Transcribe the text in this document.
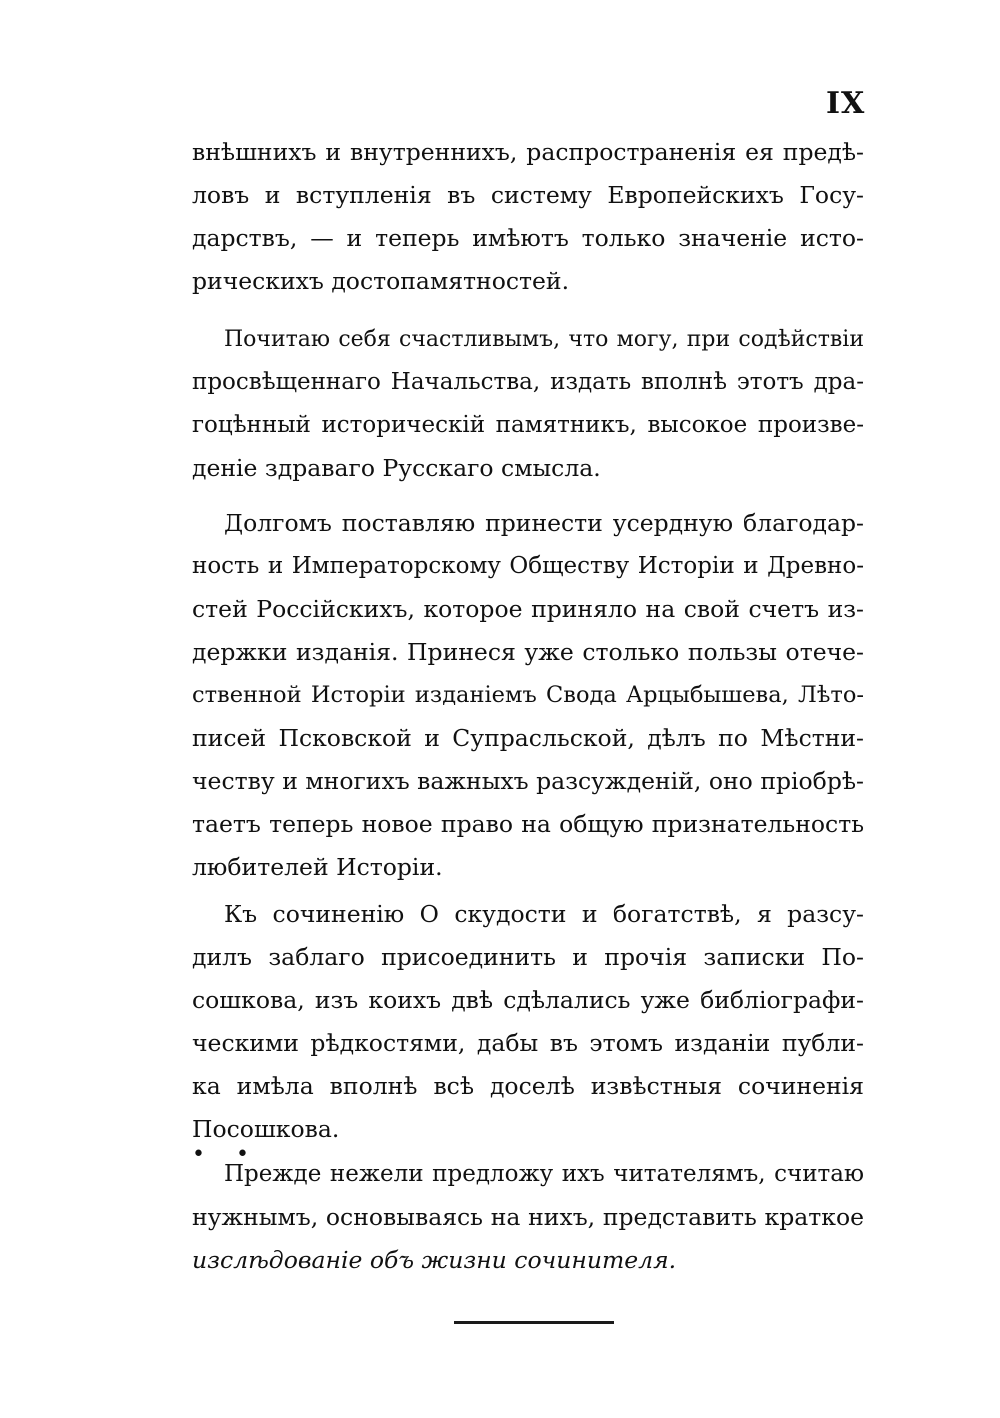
IX
внѣшнихъ и внутреннихъ, распространенія ея предѣ-
ловъ и вступленія въ систему Европейскихъ Госу-
дарствъ, — и теперь имѣютъ только значеніе исто-
рическихъ достопамятностей.
Почитаю себя счастливымъ, что могу, при содѣйствіи
просвѣщеннаго Начальства, издать вполнѣ этотъ дра-
гоцѣнный историческій памятникъ, высокое произве-
деніе здраваго Русскаго смысла.
Долгомъ поставляю принести усердную благодар-
ность и Императорскому Обществу Исторіи и Древно-
стей Россійскихъ, которое приняло на свой счетъ из-
держки изданія. Принеся уже столько пользы отече-
ственной Исторіи изданіемъ Свода Арцыбышева, Лѣто-
писей Псковской и Супрасльской, дѣлъ по Мѣстни-
честву и многихъ важныхъ разсужденій, оно пріобрѣ-
таетъ теперь новое право на общую признательность
любителей Исторіи.
Къ сочиненію О скудости и богатствѣ, я разсу-
дилъ заблаго присоединить и прочія записки По-
сошкова, изъ коихъ двѣ сдѣлались уже библіографи-
ческими рѣдкостями, дабы въ этомъ изданіи публи-
ка имѣла вполнѣ всѣ доселѣ извѣстныя сочиненія
Посошкова.
• •
Прежде нежели предложу ихъ читателямъ, считаю
нужнымъ, основываясь на нихъ, представить краткое
изслѣдованіе объ жизни сочинителя.
